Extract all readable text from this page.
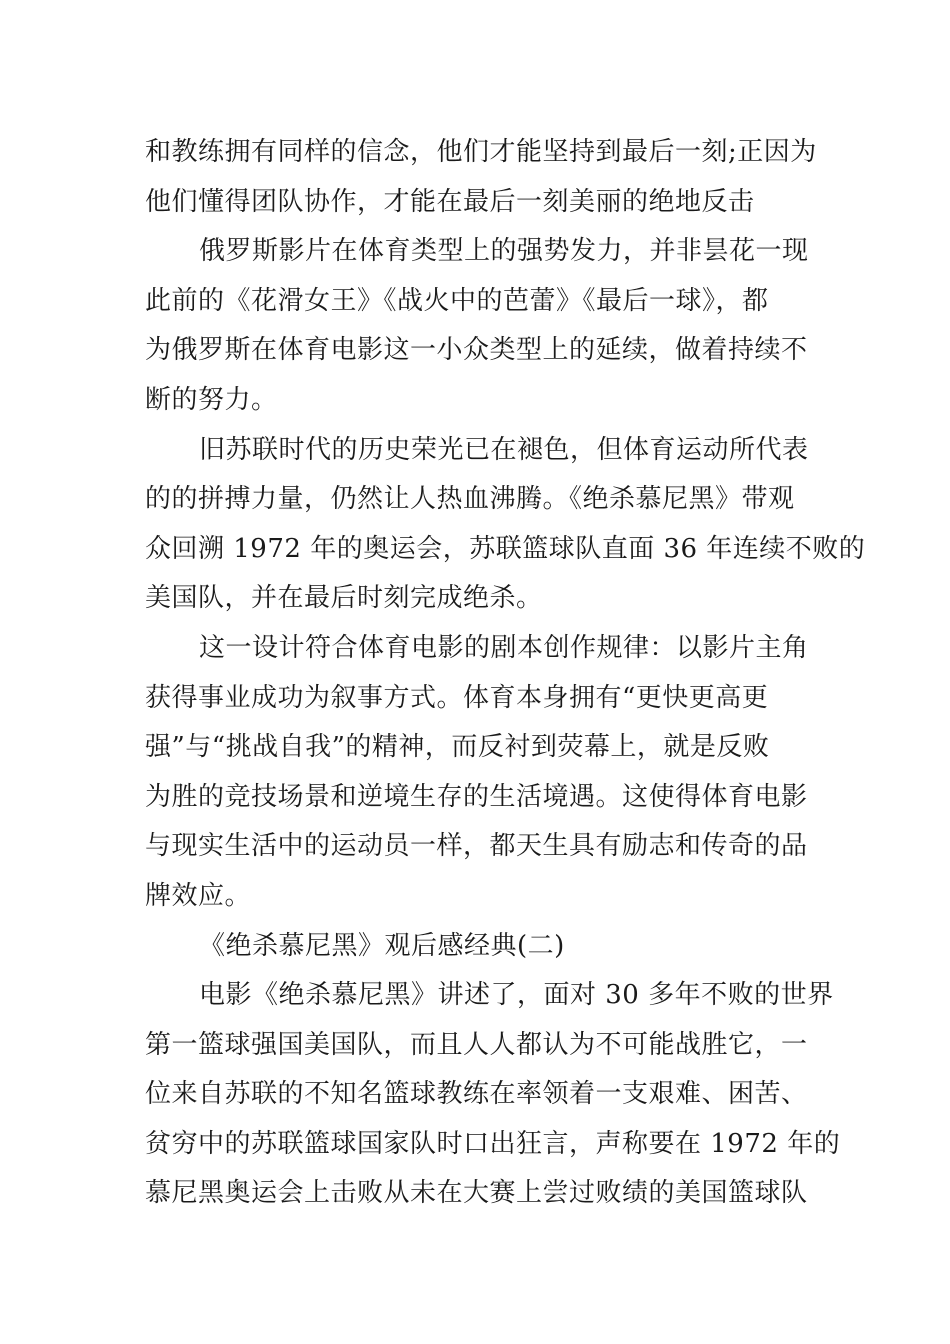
和教练拥有同样的信念，他们才能坚持到最后一刻;正因为
他们懂得团队协作，才能在最后一刻美丽的绝地反击
俄罗斯影片在体育类型上的强势发力，并非昙花一现
此前的《花滑女王》《战火中的芭蕾》《最后一球》，都
为俄罗斯在体育电影这一小众类型上的延续，做着持续不
断的努力。
旧苏联时代的历史荣光已在褪色，但体育运动所代表
的的拼搏力量，仍然让人热血沸腾。《绝杀慕尼黑》带观
众回溯 1972 年的奥运会，苏联篮球队直面 36 年连续不败的
美国队，并在最后时刻完成绝杀。
这一设计符合体育电影的剧本创作规律：以影片主角
获得事业成功为叙事方式。体育本身拥有“更快更高更
强”与“挑战自我”的精神，而反衬到荧幕上，就是反败
为胜的竞技场景和逆境生存的生活境遇。这使得体育电影
与现实生活中的运动员一样，都天生具有励志和传奇的品
牌效应。
《绝杀慕尼黑》观后感经典(二)
电影《绝杀慕尼黑》讲述了，面对 30 多年不败的世界
第一篮球强国美国队，而且人人都认为不可能战胜它，一
位来自苏联的不知名篮球教练在率领着一支艰难、困苦、
贫穷中的苏联篮球国家队时口出狂言，声称要在 1972 年的
慕尼黑奥运会上击败从未在大赛上尝过败绩的美国篮球队
